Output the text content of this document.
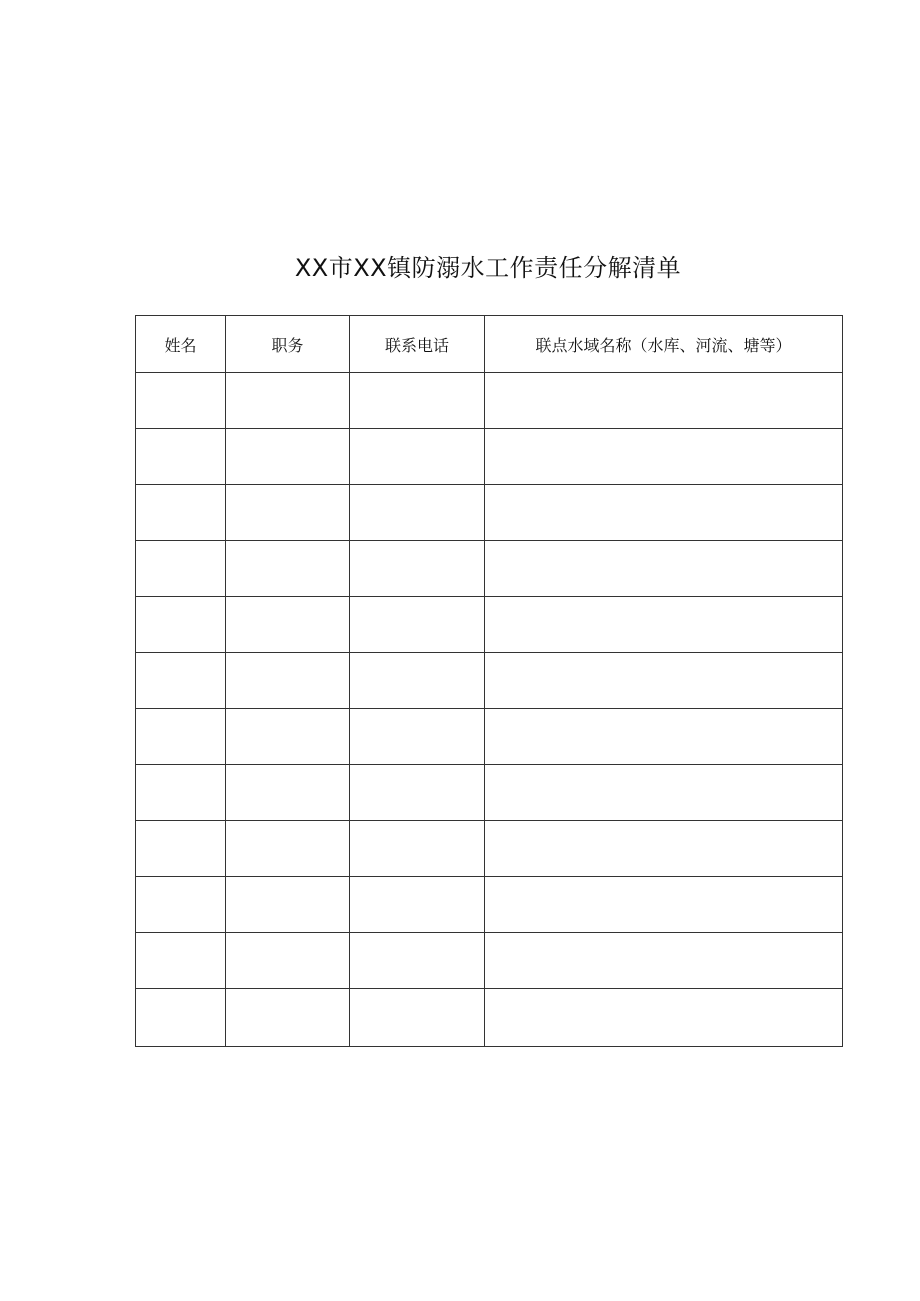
XX市XX镇防溺水工作责任分解清单
姓名	职务	联系电话	联点水域名称（水库、河流、塘等）
